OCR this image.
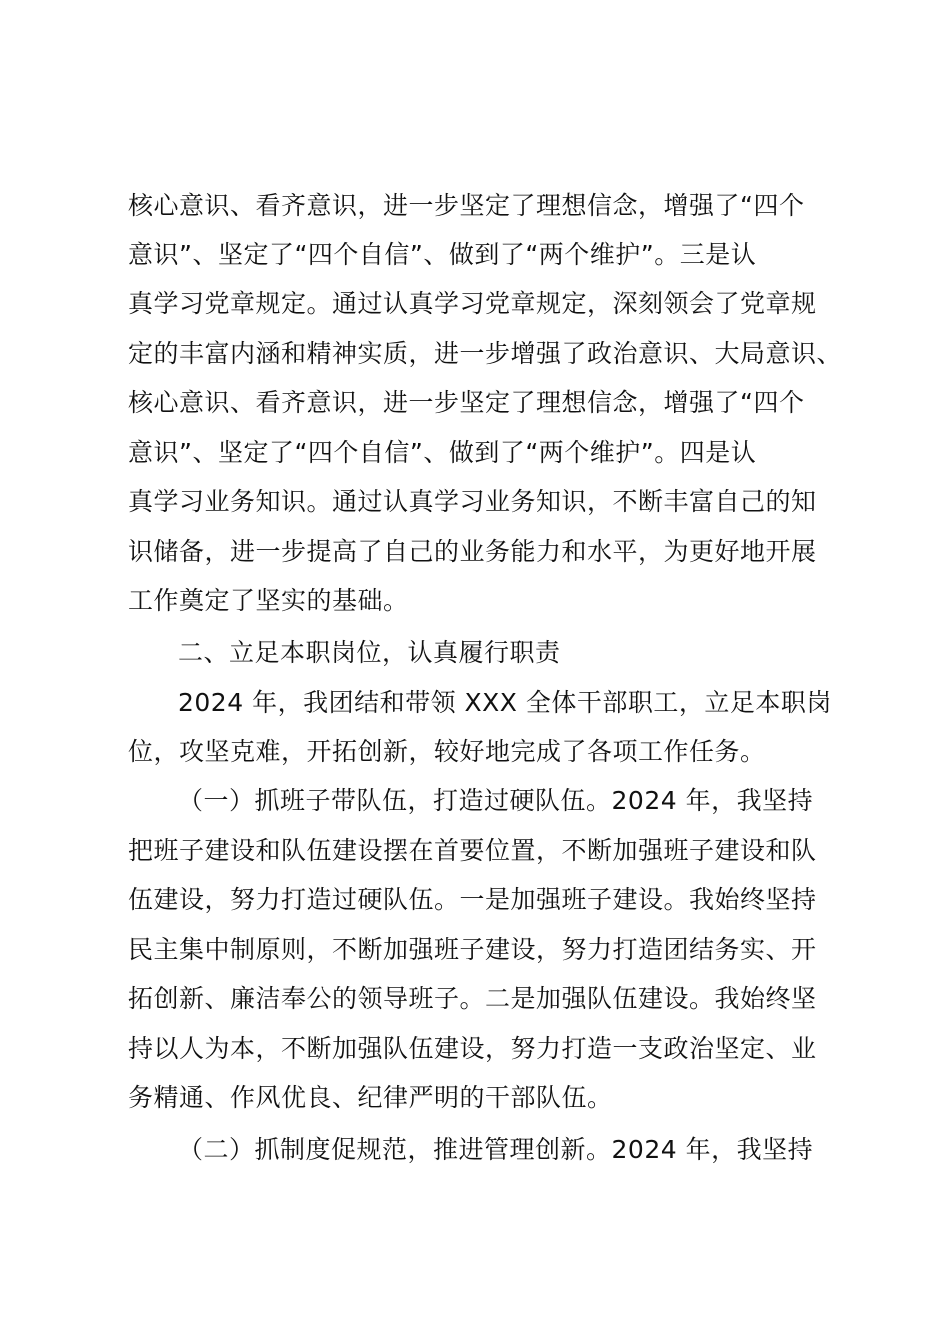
核心意识、看齐意识，进一步坚定了理想信念，增强了“四个
意识”、坚定了“四个自信”、做到了“两个维护”。三是认
真学习党章规定。通过认真学习党章规定，深刻领会了党章规
定的丰富内涵和精神实质，进一步增强了政治意识、大局意识、
核心意识、看齐意识，进一步坚定了理想信念，增强了“四个
意识”、坚定了“四个自信”、做到了“两个维护”。四是认
真学习业务知识。通过认真学习业务知识，不断丰富自己的知
识储备，进一步提高了自己的业务能力和水平，为更好地开展
工作奠定了坚实的基础。
二、立足本职岗位，认真履行职责
2024 年，我团结和带领 XXX 全体干部职工，立足本职岗
位，攻坚克难，开拓创新，较好地完成了各项工作任务。
（一）抓班子带队伍，打造过硬队伍。2024 年，我坚持
把班子建设和队伍建设摆在首要位置，不断加强班子建设和队
伍建设，努力打造过硬队伍。一是加强班子建设。我始终坚持
民主集中制原则，不断加强班子建设，努力打造团结务实、开
拓创新、廉洁奉公的领导班子。二是加强队伍建设。我始终坚
持以人为本，不断加强队伍建设，努力打造一支政治坚定、业
务精通、作风优良、纪律严明的干部队伍。
（二）抓制度促规范，推进管理创新。2024 年，我坚持
